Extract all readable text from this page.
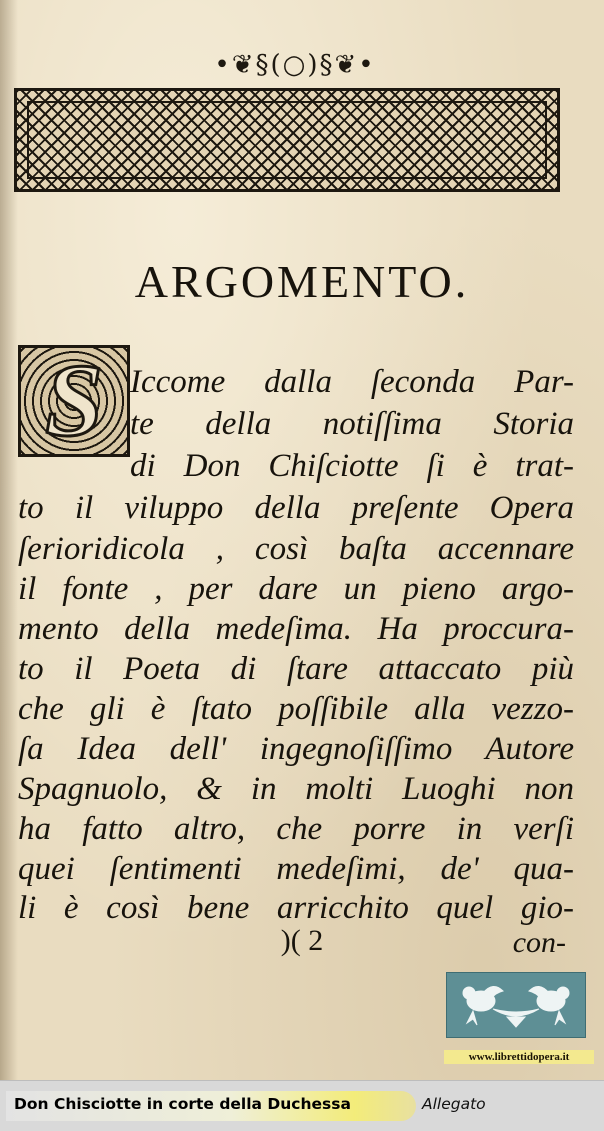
•❦§(○)§❦•
ARGOMENTO.
S Iccome dalla ſeconda Par-
te della notiſſima Storia
di Don Chiſciotte ſi è trat-
to il viluppo della preſente Opera
ſerioridicola , così baſta accennare
il fonte , per dare un pieno argo-
mento della medeſima. Ha proccura-
to il Poeta di ſtare attaccato più
che gli è ſtato poſſibile alla vezzo-
ſa Idea dell' ingegnoſiſſimo Autore
Spagnuolo, & in molti Luoghi non
ha fatto altro, che porre in verſi
quei ſentimenti medeſimi, de' qua-
li è così bene arricchito quel gio-
)( 2	con-
www.librettidopera.it
Don Chisciotte in corte della Duchessa	Allegato
